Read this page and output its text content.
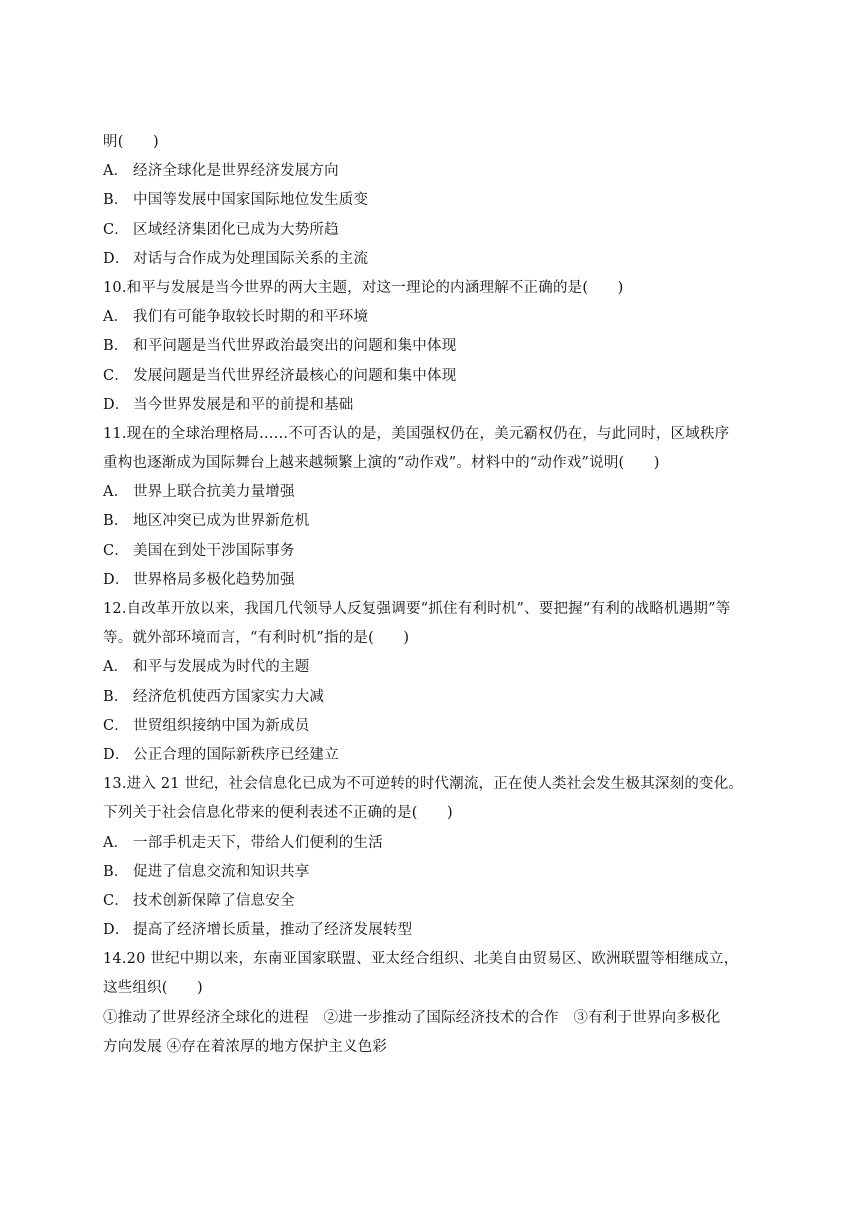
明(　　)
A． 经济全球化是世界经济发展方向
B． 中国等发展中国家国际地位发生质变
C． 区域经济集团化已成为大势所趋
D． 对话与合作成为处理国际关系的主流
10.和平与发展是当今世界的两大主题，对这一理论的内涵理解不正确的是(　　)
A． 我们有可能争取较长时期的和平环境
B． 和平问题是当代世界政治最突出的问题和集中体现
C． 发展问题是当代世界经济最核心的问题和集中体现
D． 当今世界发展是和平的前提和基础
11.现在的全球治理格局……不可否认的是，美国强权仍在，美元霸权仍在，与此同时，区域秩序
重构也逐渐成为国际舞台上越来越频繁上演的“动作戏”。材料中的“动作戏”说明(　　)
A． 世界上联合抗美力量增强
B． 地区冲突已成为世界新危机
C． 美国在到处干涉国际事务
D． 世界格局多极化趋势加强
12.自改革开放以来，我国几代领导人反复强调要“抓住有利时机”、要把握“有利的战略机遇期”等
等。就外部环境而言，“有利时机”指的是(　　)
A． 和平与发展成为时代的主题
B． 经济危机使西方国家实力大减
C． 世贸组织接纳中国为新成员
D． 公正合理的国际新秩序已经建立
13.进入 21 世纪，社会信息化已成为不可逆转的时代潮流，正在使人类社会发生极其深刻的变化。
下列关于社会信息化带来的便利表述不正确的是(　　)
A． 一部手机走天下，带给人们便利的生活
B． 促进了信息交流和知识共享
C． 技术创新保障了信息安全
D． 提高了经济增长质量，推动了经济发展转型
14.20 世纪中期以来，东南亚国家联盟、亚太经合组织、北美自由贸易区、欧洲联盟等相继成立，
这些组织(　　)
①推动了世界经济全球化的进程　②进一步推动了国际经济技术的合作　③有利于世界向多极化
方向发展 ④存在着浓厚的地方保护主义色彩
